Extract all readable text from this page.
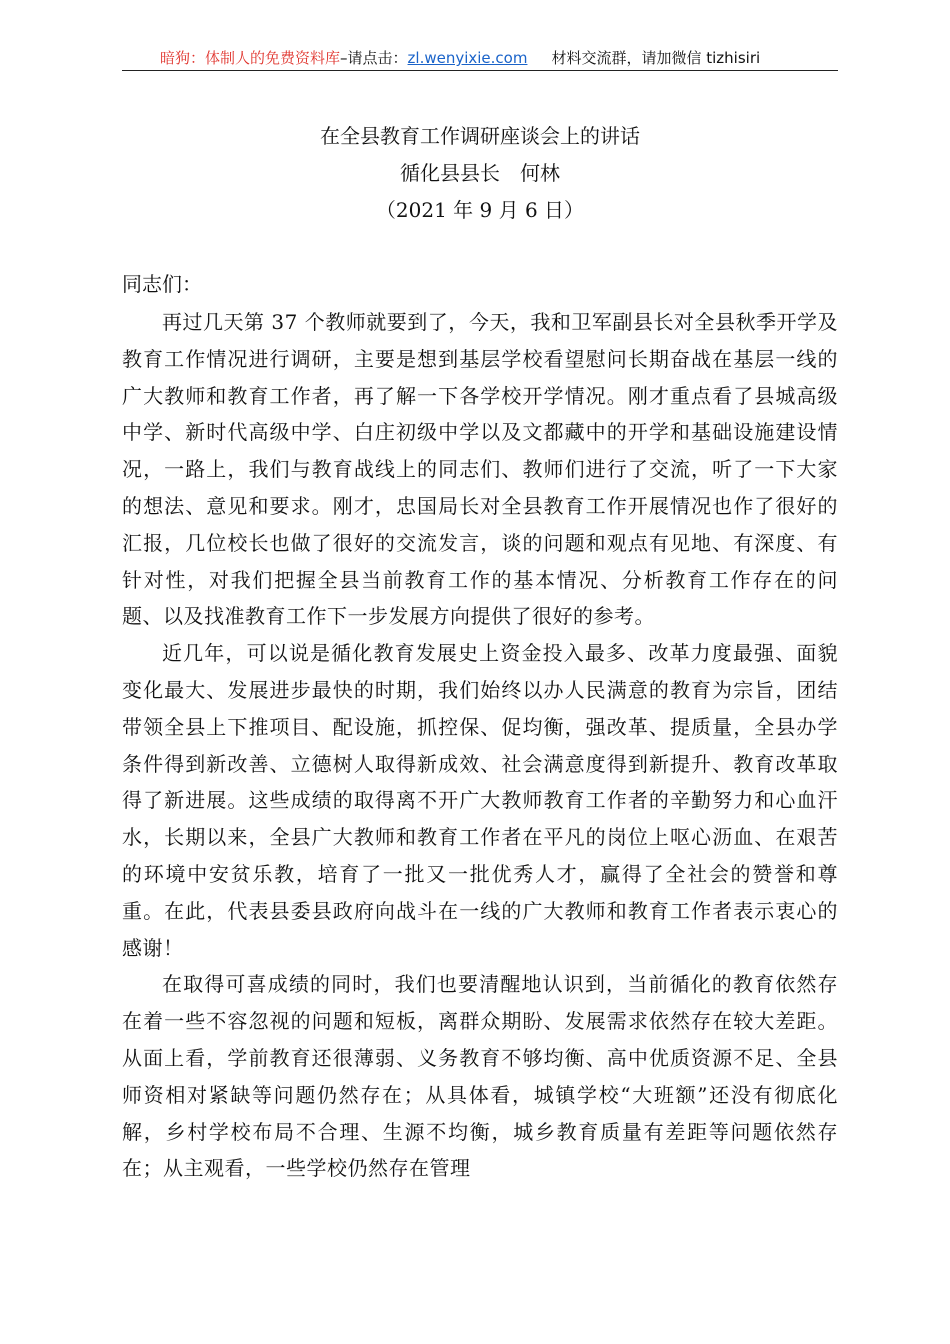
暗狗：体制人的免费资料库–请点击：zl.wenyixie.com 材料交流群，请加微信 tizhisiri
在全县教育工作调研座谈会上的讲话
循化县县长　何林
（2021 年 9 月 6 日）
同志们：

再过几天第 37 个教师就要到了，今天，我和卫军副县长对全县秋季开学及教育工作情况进行调研，主要是想到基层学校看望慰问长期奋战在基层一线的广大教师和教育工作者，再了解一下各学校开学情况。刚才重点看了县城高级中学、新时代高级中学、白庄初级中学以及文都藏中的开学和基础设施建设情况，一路上，我们与教育战线上的同志们、教师们进行了交流，听了一下大家的想法、意见和要求。刚才，忠国局长对全县教育工作开展情况也作了很好的汇报，几位校长也做了很好的交流发言，谈的问题和观点有见地、有深度、有针对性，对我们把握全县当前教育工作的基本情况、分析教育工作存在的问题、以及找准教育工作下一步发展方向提供了很好的参考。

近几年，可以说是循化教育发展史上资金投入最多、改革力度最强、面貌变化最大、发展进步最快的时期，我们始终以办人民满意的教育为宗旨，团结带领全县上下推项目、配设施，抓控保、促均衡，强改革、提质量，全县办学条件得到新改善、立德树人取得新成效、社会满意度得到新提升、教育改革取得了新进展。这些成绩的取得离不开广大教师教育工作者的辛勤努力和心血汗水，长期以来，全县广大教师和教育工作者在平凡的岗位上呕心沥血、在艰苦的环境中安贫乐教，培育了一批又一批优秀人才，赢得了全社会的赞誉和尊重。在此，代表县委县政府向战斗在一线的广大教师和教育工作者表示衷心的感谢！

在取得可喜成绩的同时，我们也要清醒地认识到，当前循化的教育依然存在着一些不容忽视的问题和短板，离群众期盼、发展需求依然存在较大差距。从面上看，学前教育还很薄弱、义务教育不够均衡、高中优质资源不足、全县师资相对紧缺等问题仍然存在；从具体看，城镇学校“大班额”还没有彻底化解，乡村学校布局不合理、生源不均衡，城乡教育质量有差距等问题依然存在；从主观看，一些学校仍然存在管理
